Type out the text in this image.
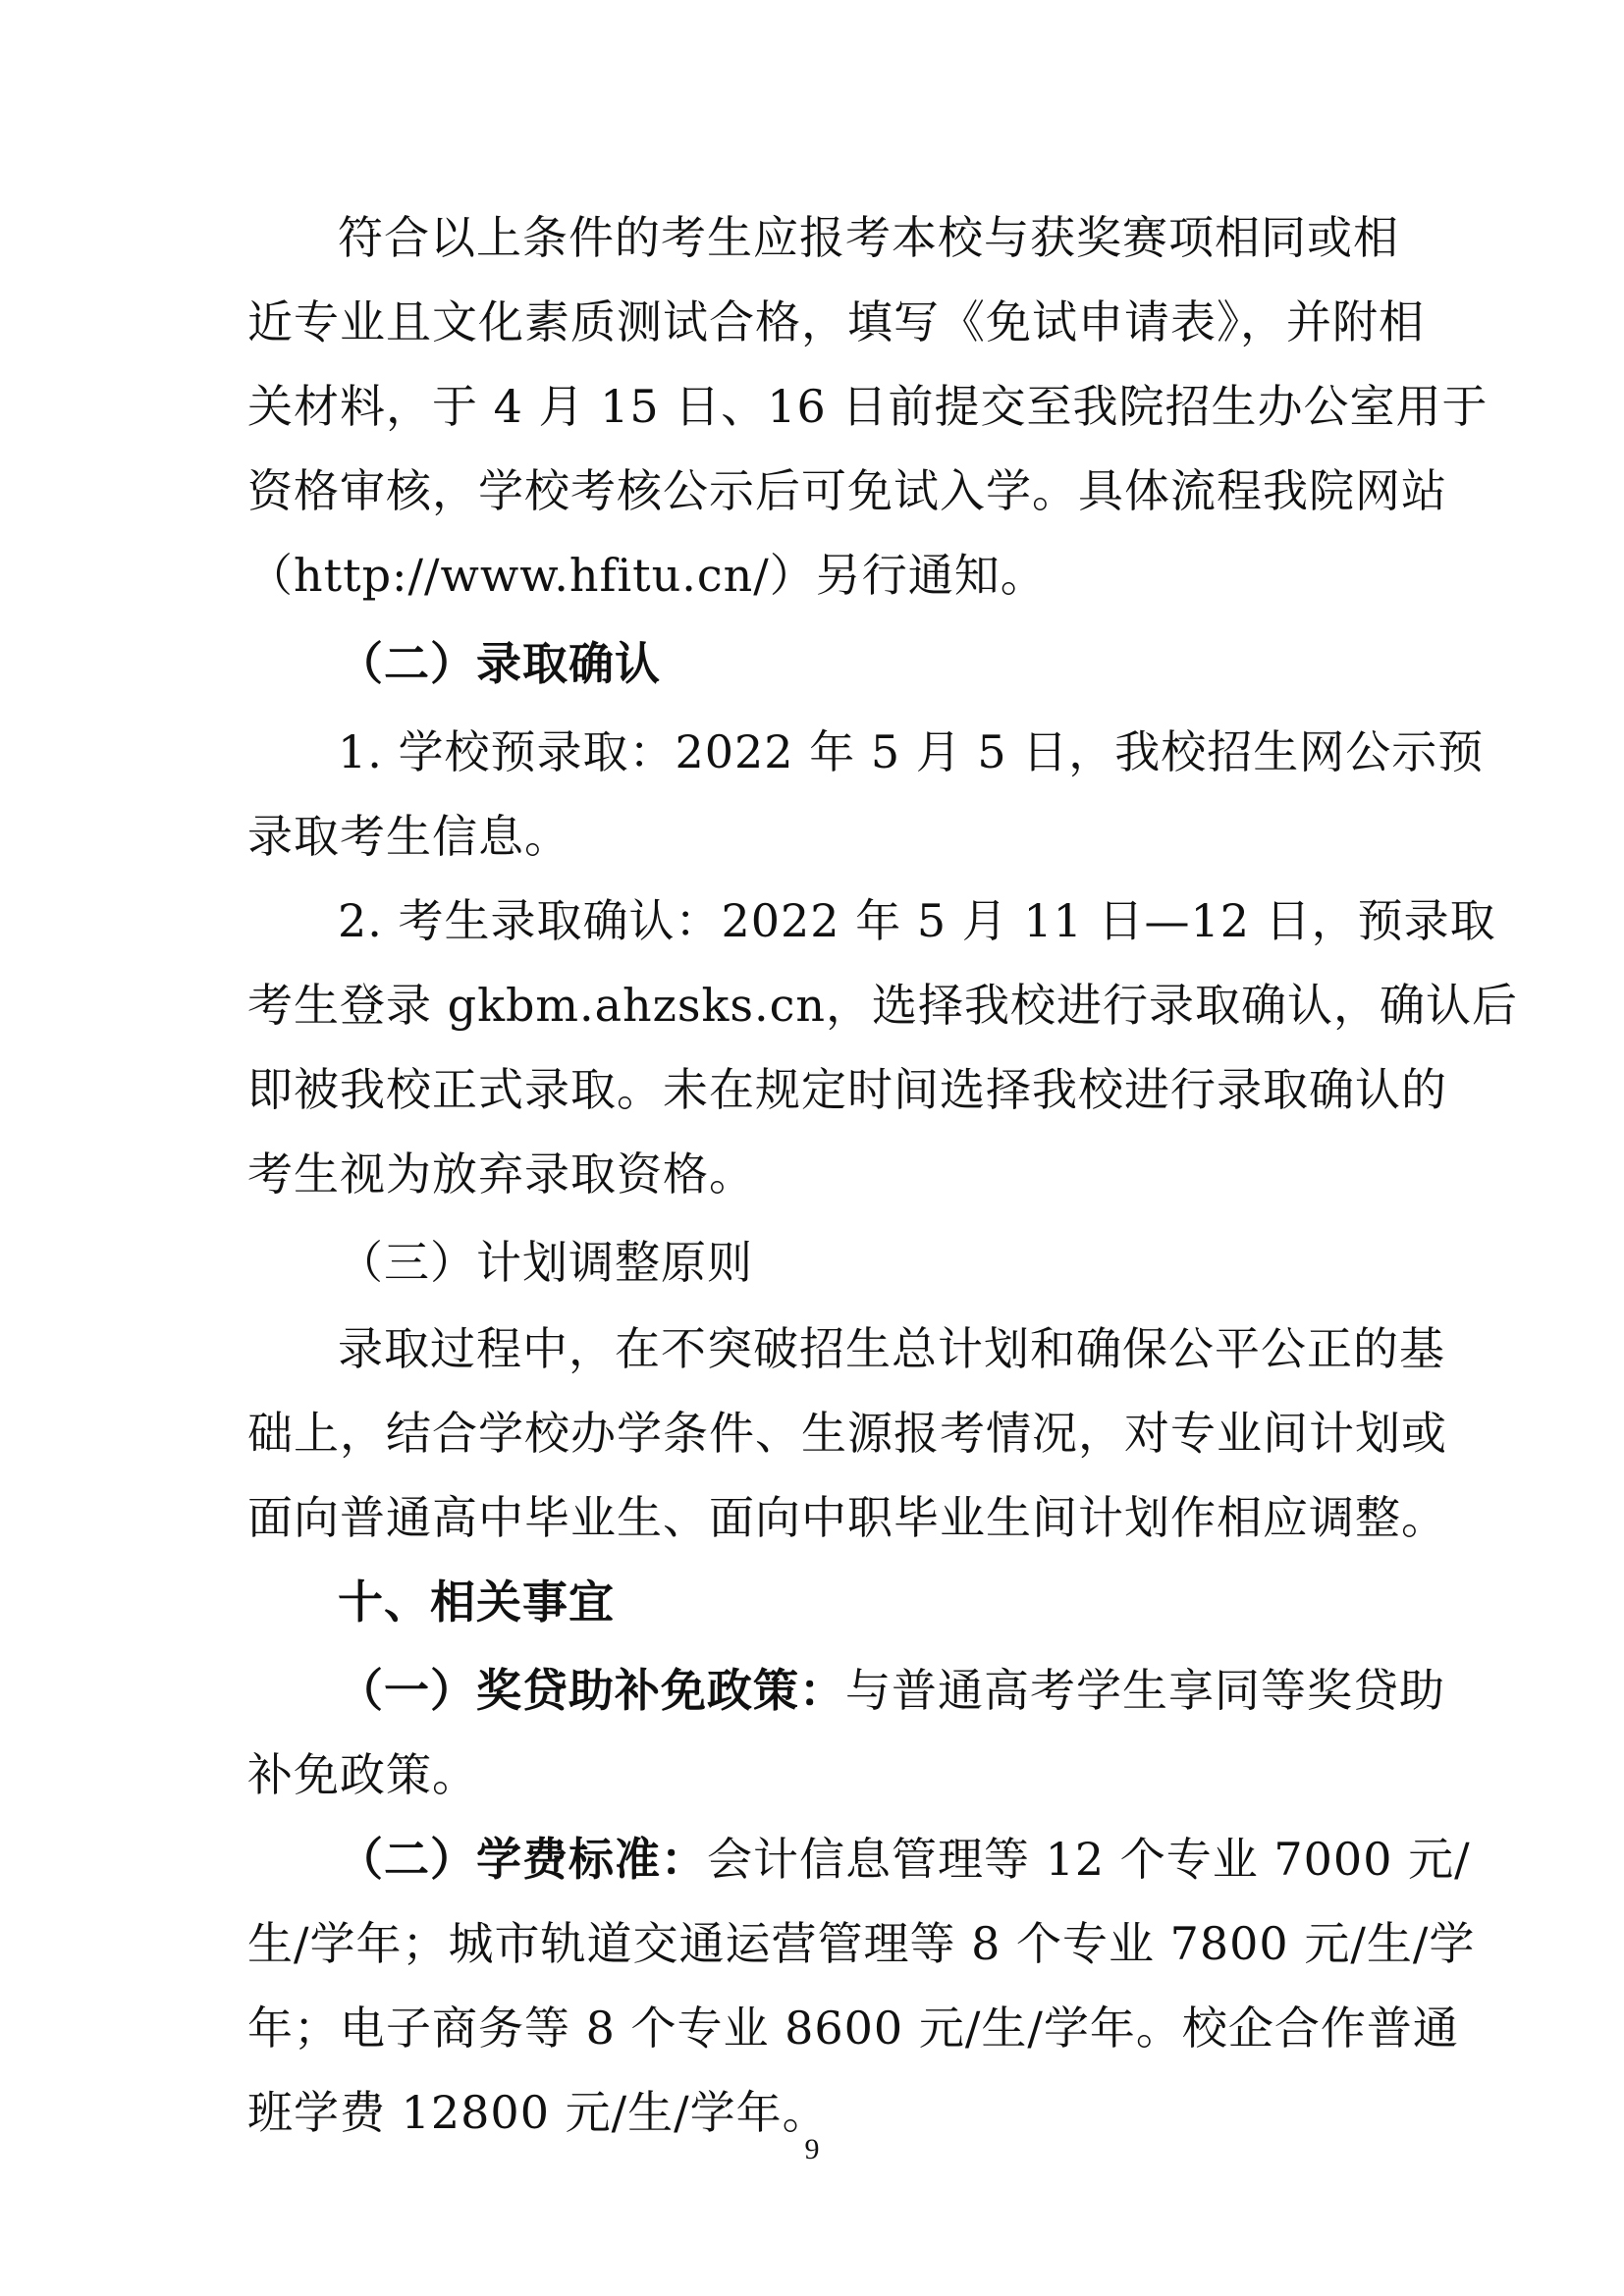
符合以上条件的考生应报考本校与获奖赛项相同或相
近专业且文化素质测试合格，填写《免试申请表》，并附相
关材料，于 4 月 15 日、16 日前提交至我院招生办公室用于
资格审核，学校考核公示后可免试入学。具体流程我院网站
（http://www.hfitu.cn/）另行通知。
（二）录取确认
1. 学校预录取：2022 年 5 月 5 日，我校招生网公示预
录取考生信息。
2. 考生录取确认：2022 年 5 月 11 日—12 日，预录取
考生登录 gkbm.ahzsks.cn，选择我校进行录取确认，确认后
即被我校正式录取。未在规定时间选择我校进行录取确认的
考生视为放弃录取资格。
（三）计划调整原则
录取过程中，在不突破招生总计划和确保公平公正的基
础上，结合学校办学条件、生源报考情况，对专业间计划或
面向普通高中毕业生、面向中职毕业生间计划作相应调整。
十、相关事宜
（一）奖贷助补免政策：与普通高考学生享同等奖贷助
补免政策。
（二）学费标准：会计信息管理等 12 个专业 7000 元/
生/学年；城市轨道交通运营管理等 8 个专业 7800 元/生/学
年；电子商务等 8 个专业 8600 元/生/学年。校企合作普通
班学费 12800 元/生/学年。
9
